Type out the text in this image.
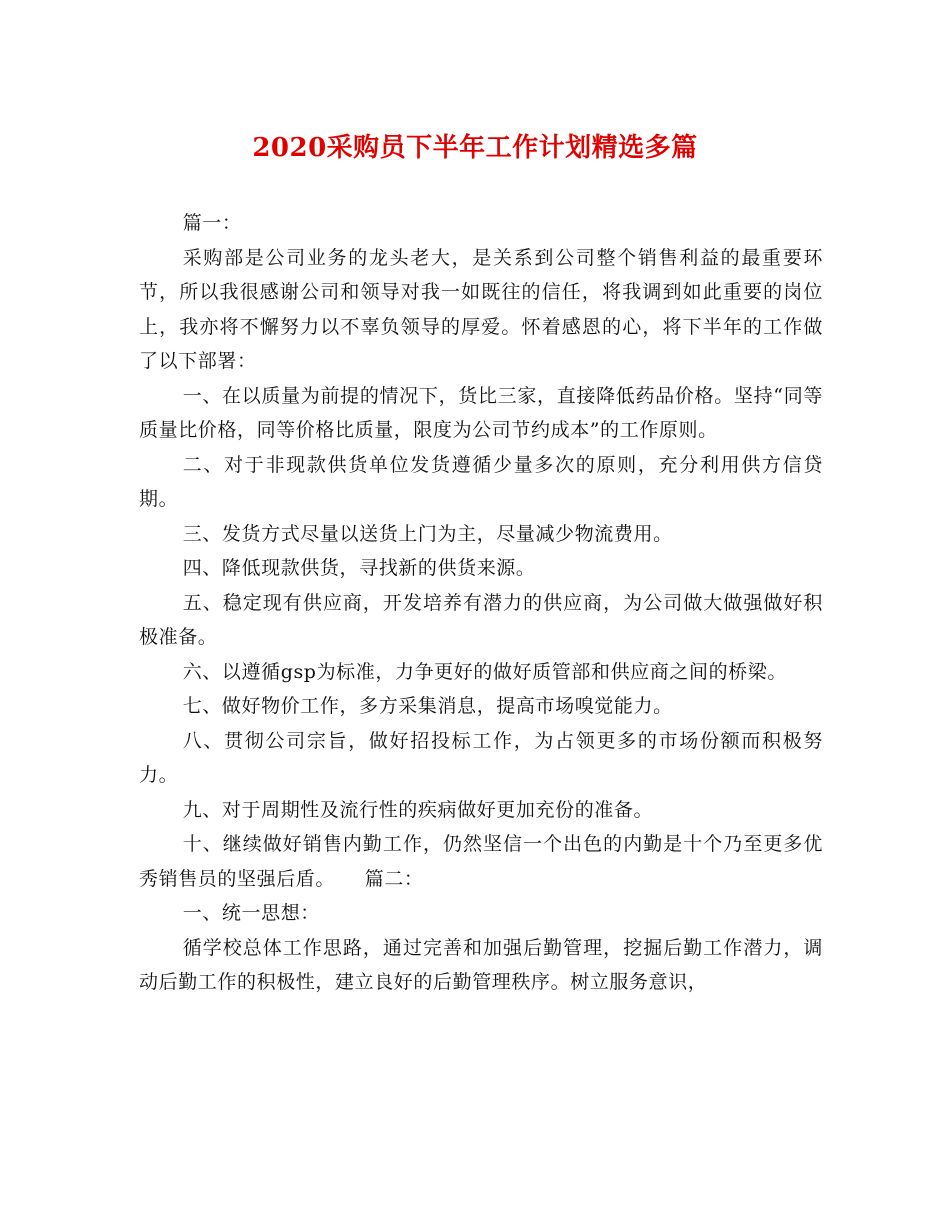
2020采购员下半年工作计划精选多篇

篇一：

采购部是公司业务的龙头老大，是关系到公司整个销售利益的最重要环节，所以我很感谢公司和领导对我一如既往的信任，将我调到如此重要的岗位上，我亦将不懈努力以不辜负领导的厚爱。怀着感恩的心，将下半年的工作做了以下部署：

一、在以质量为前提的情况下，货比三家，直接降低药品价格。坚持“同等质量比价格，同等价格比质量，限度为公司节约成本”的工作原则。

二、对于非现款供货单位发货遵循少量多次的原则，充分利用供方信贷期。

三、发货方式尽量以送货上门为主，尽量减少物流费用。

四、降低现款供货，寻找新的供货来源。

五、稳定现有供应商，开发培养有潜力的供应商，为公司做大做强做好积极准备。

六、以遵循gsp为标准，力争更好的做好质管部和供应商之间的桥梁。

七、做好物价工作，多方采集消息，提高市场嗅觉能力。

八、贯彻公司宗旨，做好招投标工作，为占领更多的市场份额而积极努力。

九、对于周期性及流行性的疾病做好更加充份的准备。

十、继续做好销售内勤工作，仍然坚信一个出色的内勤是十个乃至更多优秀销售员的坚强后盾。　　篇二：

一、统一思想：

循学校总体工作思路，通过完善和加强后勤管理，挖掘后勤工作潜力，调动后勤工作的积极性，建立良好的后勤管理秩序。树立服务意识，
